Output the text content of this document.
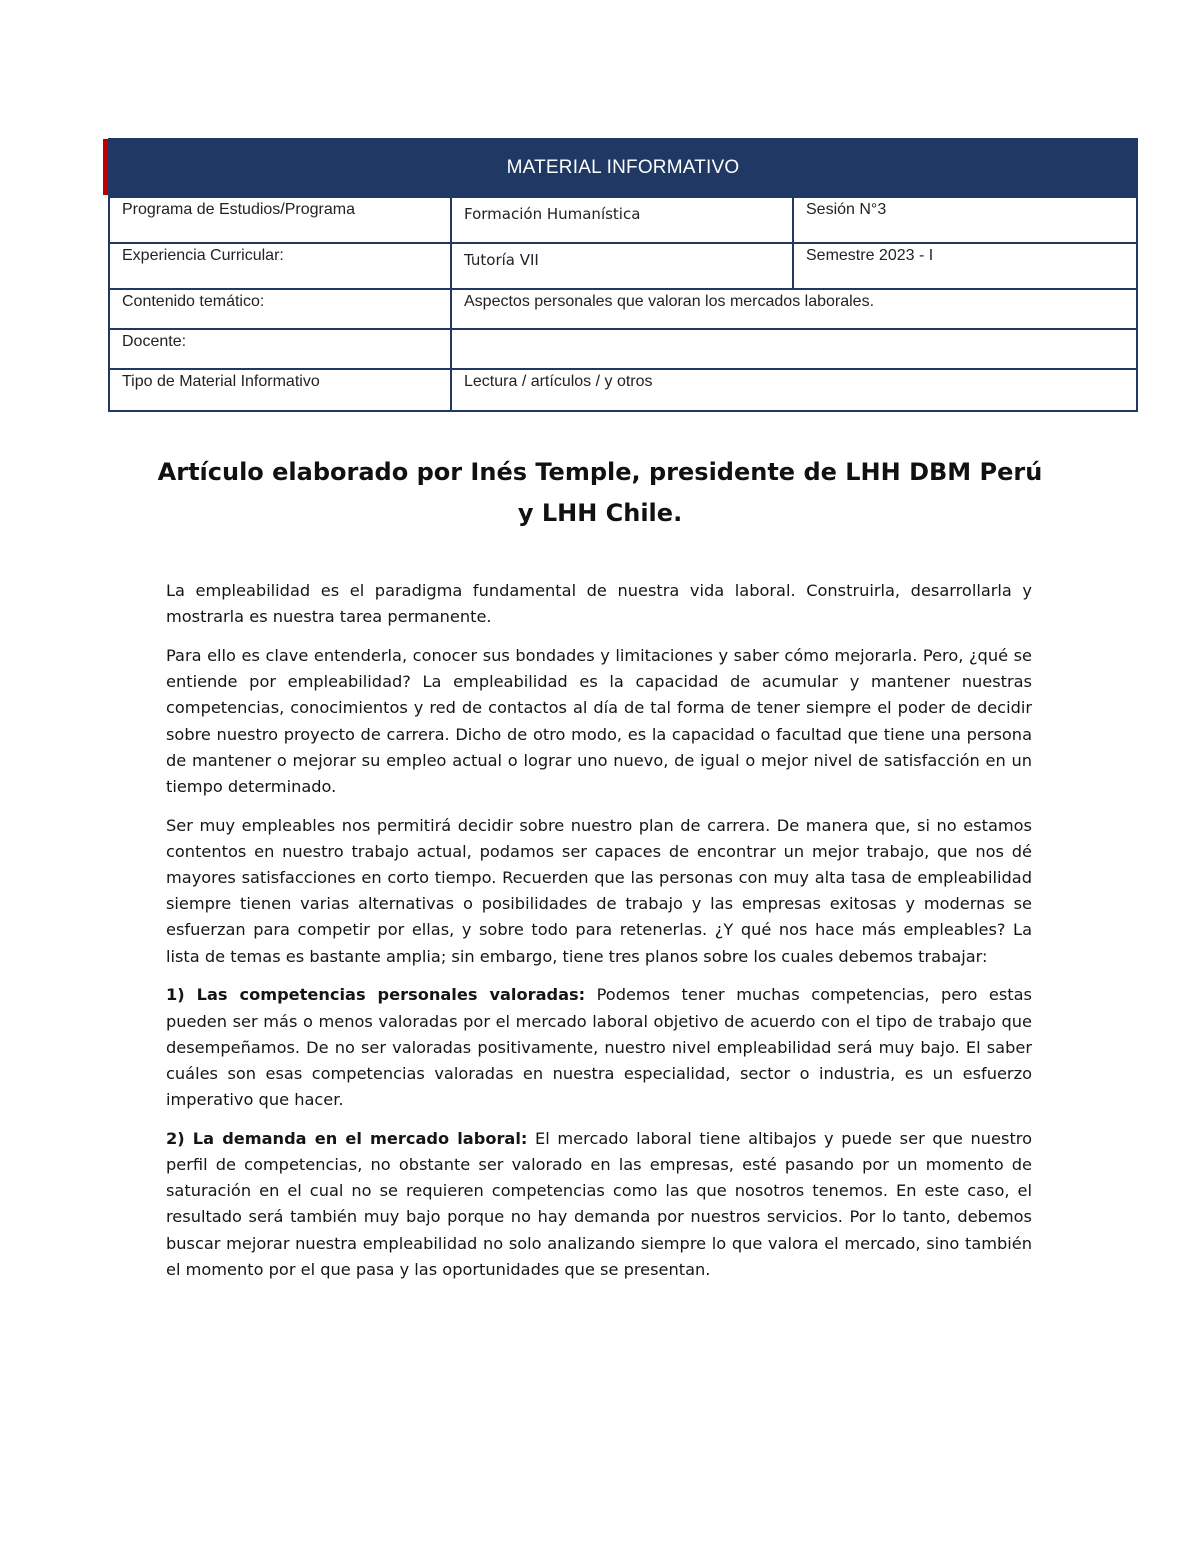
MATERIAL INFORMATIVO
Programa de Estudios/Programa	Formación Humanística	Sesión N°3
Experiencia Curricular:	Tutoría VII	Semestre 2023 - I
Contenido temático:	Aspectos personales que valoran los mercados laborales.
Docente:
Tipo de Material Informativo	Lectura / artículos / y otros
Artículo elaborado por Inés Temple, presidente de LHH DBM Perú
y LHH Chile.

La empleabilidad es el paradigma fundamental de nuestra vida laboral. Construirla, desarrollarla y mostrarla es nuestra tarea permanente.

Para ello es clave entenderla, conocer sus bondades y limitaciones y saber cómo mejorarla. Pero, ¿qué se entiende por empleabilidad? La empleabilidad es la capacidad de acumular y mantener nuestras competencias, conocimientos y red de contactos al día de tal forma de tener siempre el poder de decidir sobre nuestro proyecto de carrera. Dicho de otro modo, es la capacidad o facultad que tiene una persona de mantener o mejorar su empleo actual o lograr uno nuevo, de igual o mejor nivel de satisfacción en un tiempo determinado.

Ser muy empleables nos permitirá decidir sobre nuestro plan de carrera. De manera que, si no estamos contentos en nuestro trabajo actual, podamos ser capaces de encontrar un mejor trabajo, que nos dé mayores satisfacciones en corto tiempo. Recuerden que las personas con muy alta tasa de empleabilidad siempre tienen varias alternativas o posibilidades de trabajo y las empresas exitosas y modernas se esfuerzan para competir por ellas, y sobre todo para retenerlas. ¿Y qué nos hace más empleables? La lista de temas es bastante amplia; sin embargo, tiene tres planos sobre los cuales debemos trabajar:

1) Las competencias personales valoradas: Podemos tener muchas competencias, pero estas pueden ser más o menos valoradas por el mercado laboral objetivo de acuerdo con el tipo de trabajo que desempeñamos. De no ser valoradas positivamente, nuestro nivel empleabilidad será muy bajo. El saber cuáles son esas competencias valoradas en nuestra especialidad, sector o industria, es un esfuerzo imperativo que hacer.

2) La demanda en el mercado laboral: El mercado laboral tiene altibajos y puede ser que nuestro perfil de competencias, no obstante ser valorado en las empresas, esté pasando por un momento de saturación en el cual no se requieren competencias como las que nosotros tenemos. En este caso, el resultado será también muy bajo porque no hay demanda por nuestros servicios. Por lo tanto, debemos buscar mejorar nuestra empleabilidad no solo analizando siempre lo que valora el mercado, sino también el momento por el que pasa y las oportunidades que se presentan.
